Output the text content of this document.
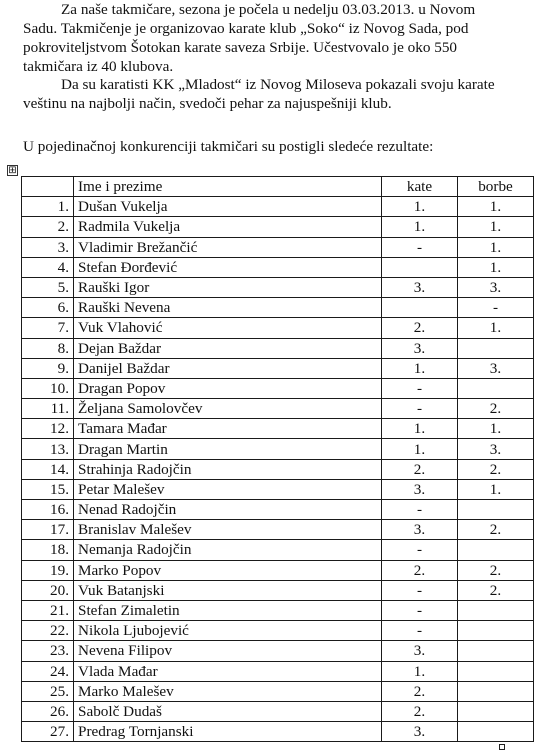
Za naše takmičare, sezona je počela u nedelju 03.03.2013. u Novom
Sadu. Takmičenje je organizovao karate klub „Soko“ iz Novog Sada, pod
pokroviteljstvom Šotokan karate saveza Srbije. Učestvovalo je oko 550
takmičara iz 40 klubova.

Da su karatisti KK „Mladost“ iz Novog Miloseva pokazali svoju karate
veštinu na najbolji način, svedoči pehar za najuspešniji klub.

U pojedinačnoj konkurenciji takmičari su postigli sledeće rezultate:

⊞
	Ime i prezime	kate	borbe
1.	Dušan Vukelja	1.	1.
2.	Radmila Vukelja	1.	1.
3.	Vladimir Brežančić	-	1.
4.	Stefan Đorđević		1.
5.	Rauški Igor	3.	3.
6.	Rauški Nevena		-
7.	Vuk Vlahović	2.	1.
8.	Dejan Baždar	3.	
9.	Danijel Baždar	1.	3.
10.	Dragan Popov	-	
11.	Željana Samolovčev	-	2.
12.	Tamara Mađar	1.	1.
13.	Dragan Martin	1.	3.
14.	Strahinja Radojčin	2.	2.
15.	Petar Malešev	3.	1.
16.	Nenad Radojčin	-	
17.	Branislav Malešev	3.	2.
18.	Nemanja Radojčin	-	
19.	Marko Popov	2.	2.
20.	Vuk Batanjski	-	2.
21.	Stefan Zimaletin	-	
22.	Nikola Ljubojević	-	
23.	Nevena Filipov	3.	
24.	Vlada Mađar	1.	
25.	Marko Malešev	2.	
26.	Sabolč Dudaš	2.	
27.	Predrag Tornjanski	3.	
